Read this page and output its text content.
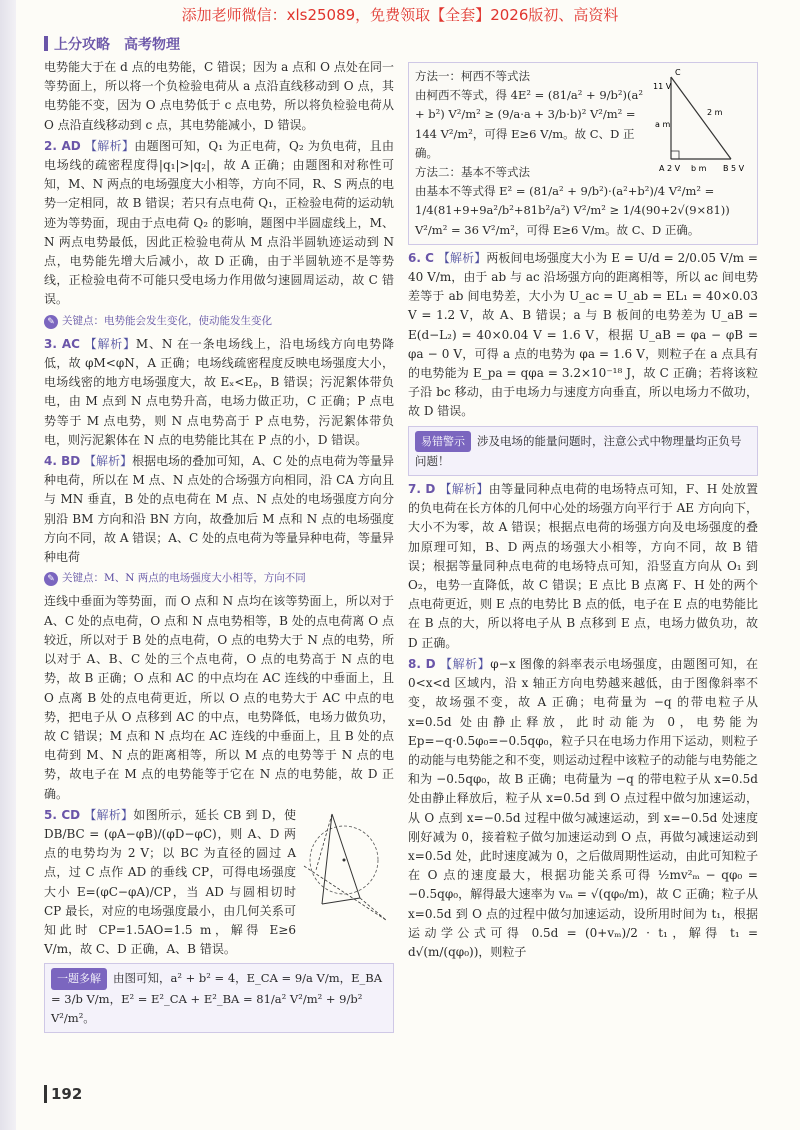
添加老师微信：xls25089，免费领取【全套】2026版初、高资料
上分攻略　高考物理

电势能大于在 d 点的电势能，C 错误；因为 a 点和 O 点处在同一等势面上，所以将一个负检验电荷从 a 点沿直线移动到 O 点，其电势能不变，因为 O 点电势低于 c 点电势，所以将负检验电荷从 O 点沿直线移动到 c 点，其电势能减小，D 错误。

2. AD 【解析】由题图可知，Q₁ 为正电荷，Q₂ 为负电荷，且由电场线的疏密程度得|q₁|>|q₂|，故 A 正确；由题图和对称性可知，M、N 两点的电场强度大小相等，方向不同，R、S 两点的电势一定相同，故 B 错误；若只有点电荷 Q₁，正检验电荷的运动轨迹为等势面，现由于点电荷 Q₂ 的影响，题图中半圆虚线上，M、N 两点电势最低，因此正检验电荷从 M 点沿半圆轨迹运动到 N 点，电势能先增大后减小，故 D 正确，由于半圆轨迹不是等势线，正检验电荷不可能只受电场力作用做匀速圆周运动，故 C 错误。

✎ 关键点：电势能会发生变化，使动能发生变化

3. AC 【解析】M、N 在一条电场线上，沿电场线方向电势降低，故 φM<φN，A 正确；电场线疏密程度反映电场强度大小，电场线密的地方电场强度大，故 Eₓ<Eₚ，B 错误；污泥絮体带负电，由 M 点到 N 点电势升高，电场力做正功，C 正确；P 点电势等于 M 点电势，则 N 点电势高于 P 点电势，污泥絮体带负电，则污泥絮体在 N 点的电势能比其在 P 点的小，D 错误。

4. BD 【解析】根据电场的叠加可知，A、C 处的点电荷为等量异种电荷，所以在 M 点、N 点处的合场强方向相同，沿 CA 方向且与 MN 垂直，B 处的点电荷在 M 点、N 点处的电场强度方向分别沿 BM 方向和沿 BN 方向，故叠加后 M 点和 N 点的电场强度方向不同，故 A 错误；A、C 处的点电荷为等量异种电荷，等量异种电荷

✎ 关键点：M、N 两点的电场强度大小相等，方向不同

连线中垂面为等势面，而 O 点和 N 点均在该等势面上，所以对于 A、C 处的点电荷，O 点和 N 点电势相等，B 处的点电荷离 O 点较近，所以对于 B 处的点电荷，O 点的电势大于 N 点的电势，所以对于 A、B、C 处的三个点电荷，O 点的电势高于 N 点的电势，故 B 正确；O 点和 AC 的中点均在 AC 连线的中垂面上，且 O 点离 B 处的点电荷更近，所以 O 点的电势大于 AC 中点的电势，把电子从 O 点移到 AC 的中点，电势降低，电场力做负功，故 C 错误；M 点和 N 点均在 AC 连线的中垂面上，且 B 处的点电荷到 M、N 点的距离相等，所以 M 点的电势等于 N 点的电势，故电子在 M 点的电势能等于它在 N 点的电势能，故 D 正确。

5. CD 【解析】如图所示，延长 CB 到 D，使 DB/BC = (φA−φB)/(φD−φC)，则 A、D 两点的电势均为 2 V；以 BC 为直径的圆过 A 点，过 C 点作 AD 的垂线 CP，可得电场强度大小 E=(φC−φA)/CP，当 AD 与圆相切时 CP 最长，对应的电场强度最小，由几何关系可知此时 CP=1.5AO=1.5 m，解得 E≥6 V/m，故 C、D 正确，A、B 错误。

一题多解 由图可知，a² + b² = 4，E_CA = 9/a V/m，E_BA = 3/b V/m，E² = E²_CA + E²_BA = 81/a² V²/m² + 9/b² V²/m²。
11 V
C
2 m
a m
A 2 V b m B 5 V
方法一：柯西不等式法
由柯西不等式，得 4E² = (81/a² + 9/b²)(a² + b²) V²/m² ≥ (9/a·a + 3/b·b)² V²/m² = 144 V²/m²，可得 E≥6 V/m。故 C、D 正确。
方法二：基本不等式法
由基本不等式得 E² = (81/a² + 9/b²)·(a²+b²)/4 V²/m² = 1/4(81+9+9a²/b²+81b²/a²) V²/m² ≥ 1/4(90+2√(9×81)) V²/m² = 36 V²/m²，可得 E≥6 V/m。故 C、D 正确。

6. C 【解析】两板间电场强度大小为 E = U/d = 2/0.05 V/m = 40 V/m，由于 ab 与 ac 沿场强方向的距离相等，所以 ac 间电势差等于 ab 间电势差，大小为 U_ac = U_ab = EL₁ = 40×0.03 V = 1.2 V，故 A、B 错误；a 与 B 板间的电势差为 U_aB = E(d−L₂) = 40×0.04 V = 1.6 V，根据 U_aB = φa − φB = φa − 0 V，可得 a 点的电势为 φa = 1.6 V，则粒子在 a 点具有的电势能为 E_pa = qφa = 3.2×10⁻¹⁸ J，故 C 正确；若将该粒子沿 bc 移动，由于电场力与速度方向垂直，所以电场力不做功，故 D 错误。

易错警示 涉及电场的能量问题时，注意公式中物理量均正负号问题！

7. D 【解析】由等量同种点电荷的电场特点可知，F、H 处放置的负电荷在长方体的几何中心处的场强方向平行于 AE 方向向下，大小不为零，故 A 错误；根据点电荷的场强方向及电场强度的叠加原理可知，B、D 两点的场强大小相等，方向不同，故 B 错误；根据等量同种点电荷的电场特点可知，沿竖直方向从 O₁ 到 O₂，电势一直降低，故 C 错误；E 点比 B 点离 F、H 处的两个点电荷更近，则 E 点的电势比 B 点的低，电子在 E 点的电势能比在 B 点的大，所以将电子从 B 点移到 E 点，电场力做负功，故 D 正确。

8. D 【解析】φ−x 图像的斜率表示电场强度，由题图可知，在 0<x<d 区域内，沿 x 轴正方向电势越来越低，由于图像斜率不变，故场强不变，故 A 正确；电荷量为 −q 的带电粒子从 x=0.5d 处由静止释放，此时动能为 0，电势能为 Ep=−q·0.5φ₀=−0.5qφ₀，粒子只在电场力作用下运动，则粒子的动能与电势能之和不变，则运动过程中该粒子的动能与电势能之和为 −0.5qφ₀，故 B 正确；电荷量为 −q 的带电粒子从 x=0.5d 处由静止释放后，粒子从 x=0.5d 到 O 点过程中做匀加速运动，从 O 点到 x=−0.5d 过程中做匀减速运动，到 x=−0.5d 处速度刚好减为 0，接着粒子做匀加速运动到 O 点，再做匀减速运动到 x=0.5d 处，此时速度减为 0，之后做周期性运动，由此可知粒子在 O 点的速度最大，根据功能关系可得 ½mv²ₘ − qφ₀ = −0.5qφ₀，解得最大速率为 vₘ = √(qφ₀/m)，故 C 正确；粒子从 x=0.5d 到 O 点的过程中做匀加速运动，设所用时间为 t₁，根据运动学公式可得 0.5d = (0+vₘ)/2 · t₁，解得 t₁ = d√(m/(qφ₀))，则粒子

192
